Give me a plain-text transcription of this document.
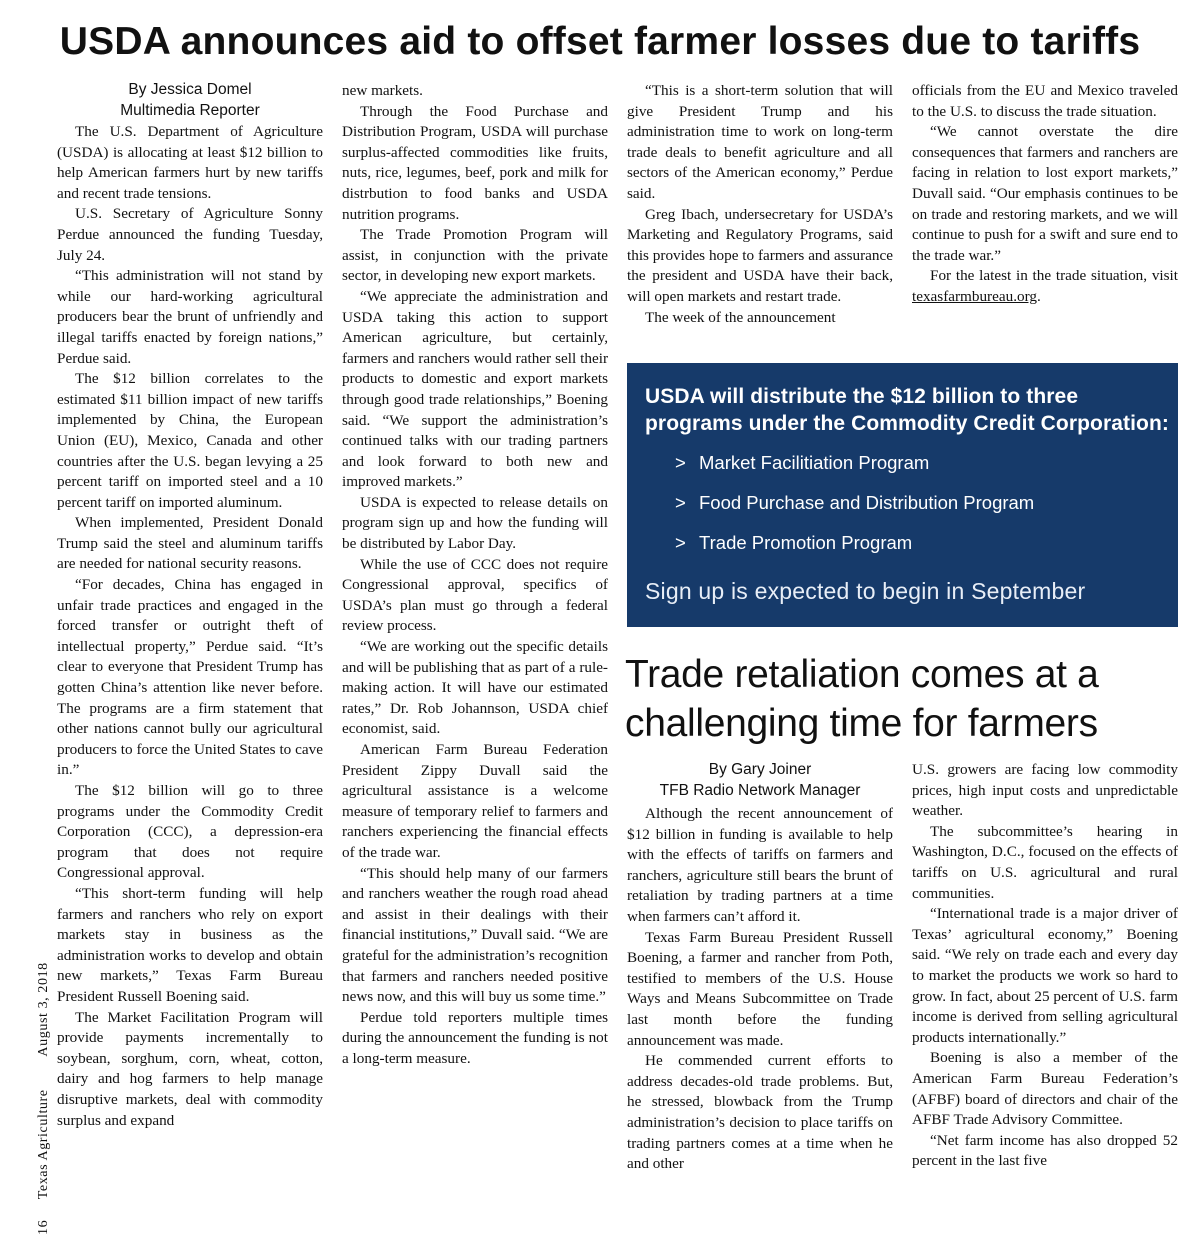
USDA announces aid to offset farmer losses due to tariffs
By Jessica Domel
Multimedia Reporter

The U.S. Department of Agriculture (USDA) is allocating at least $12 billion to help American farmers hurt by new tariffs and recent trade tensions.

U.S. Secretary of Agriculture Sonny Perdue announced the funding Tuesday, July 24.

“This administration will not stand by while our hard-working agricultural producers bear the brunt of unfriendly and illegal tariffs enacted by foreign nations,” Perdue said.

The $12 billion correlates to the estimated $11 billion impact of new tariffs implemented by China, the European Union (EU), Mexico, Canada and other countries after the U.S. began levying a 25 percent tariff on imported steel and a 10 percent tariff on imported aluminum.

When implemented, President Donald Trump said the steel and aluminum tariffs are needed for national security reasons.

“For decades, China has engaged in unfair trade practices and engaged in the forced transfer or outright theft of intellectual property,” Perdue said. “It’s clear to everyone that President Trump has gotten China’s attention like never before. The programs are a firm statement that other nations cannot bully our agricultural producers to force the United States to cave in.”

The $12 billion will go to three programs under the Commodity Credit Corporation (CCC), a depression-era program that does not require Congressional approval.

“This short-term funding will help farmers and ranchers who rely on export markets stay in business as the administration works to develop and obtain new markets,” Texas Farm Bureau President Russell Boening said.

The Market Facilitation Program will provide payments incrementally to soybean, sorghum, corn, wheat, cotton, dairy and hog farmers to help manage disruptive markets, deal with commodity surplus and expand

new markets.

Through the Food Purchase and Distribution Program, USDA will purchase surplus-affected commodities like fruits, nuts, rice, legumes, beef, pork and milk for distrbution to food banks and USDA nutrition programs.

The Trade Promotion Program will assist, in conjunction with the private sector, in developing new export markets.

“We appreciate the administration and USDA taking this action to support American agriculture, but certainly, farmers and ranchers would rather sell their products to domestic and export markets through good trade relationships,” Boening said. “We support the administration’s continued talks with our trading partners and look forward to both new and improved markets.”

USDA is expected to release details on program sign up and how the funding will be distributed by Labor Day.

While the use of CCC does not require Congressional approval, specifics of USDA’s plan must go through a federal review process.

“We are working out the specific details and will be publishing that as part of a rule-making action. It will have our estimated rates,” Dr. Rob Johannson, USDA chief economist, said.

American Farm Bureau Federation President Zippy Duvall said the agricultural assistance is a welcome measure of temporary relief to farmers and ranchers experiencing the financial effects of the trade war.

“This should help many of our farmers and ranchers weather the rough road ahead and assist in their dealings with their financial institutions,” Duvall said. “We are grateful for the administration’s recognition that farmers and ranchers needed positive news now, and this will buy us some time.”

Perdue told reporters multiple times during the announcement the funding is not a long-term measure.

“This is a short-term solution that will give President Trump and his administration time to work on long-term trade deals to benefit agriculture and all sectors of the American economy,” Perdue said.

Greg Ibach, undersecretary for USDA’s Marketing and Regulatory Programs, said this provides hope to farmers and assurance the president and USDA have their back, will open markets and restart trade.

The week of the announcement

officials from the EU and Mexico traveled to the U.S. to discuss the trade situation.

“We cannot overstate the dire consequences that farmers and ranchers are facing in relation to lost export markets,” Duvall said. “Our emphasis continues to be on trade and restoring markets, and we will continue to push for a swift and sure end to the trade war.”

For the latest in the trade situation, visit texasfarmbureau.org.

USDA will distribute the $12 billion to three programs under the Commodity Credit Corporation:
> Market Facilitiation Program
> Food Purchase and Distribution Program
> Trade Promotion Program
Sign up is expected to begin in September
Trade retaliation comes at a challenging time for farmers
By Gary Joiner
TFB Radio Network Manager

Although the recent announcement of $12 billion in funding is available to help with the effects of tariffs on farmers and ranchers, agriculture still bears the brunt of retaliation by trading partners at a time when farmers can’t afford it.

Texas Farm Bureau President Russell Boening, a farmer and rancher from Poth, testified to members of the U.S. House Ways and Means Subcommittee on Trade last month before the funding announcement was made.

He commended current efforts to address decades-old trade problems. But, he stressed, blowback from the Trump administration’s decision to place tariffs on trading partners comes at a time when he and other

U.S. growers are facing low commodity prices, high input costs and unpredictable weather.

The subcommittee’s hearing in Washington, D.C., focused on the effects of tariffs on U.S. agricultural and rural communities.

“International trade is a major driver of Texas’ agricultural economy,” Boening said. “We rely on trade each and every day to market the products we work so hard to grow. In fact, about 25 percent of U.S. farm income is derived from selling agricultural products internationally.”

Boening is also a member of the American Farm Bureau Federation’s (AFBF) board of directors and chair of the AFBF Trade Advisory Committee.

“Net farm income has also dropped 52 percent in the last five

16     Texas Agriculture        August 3, 2018
